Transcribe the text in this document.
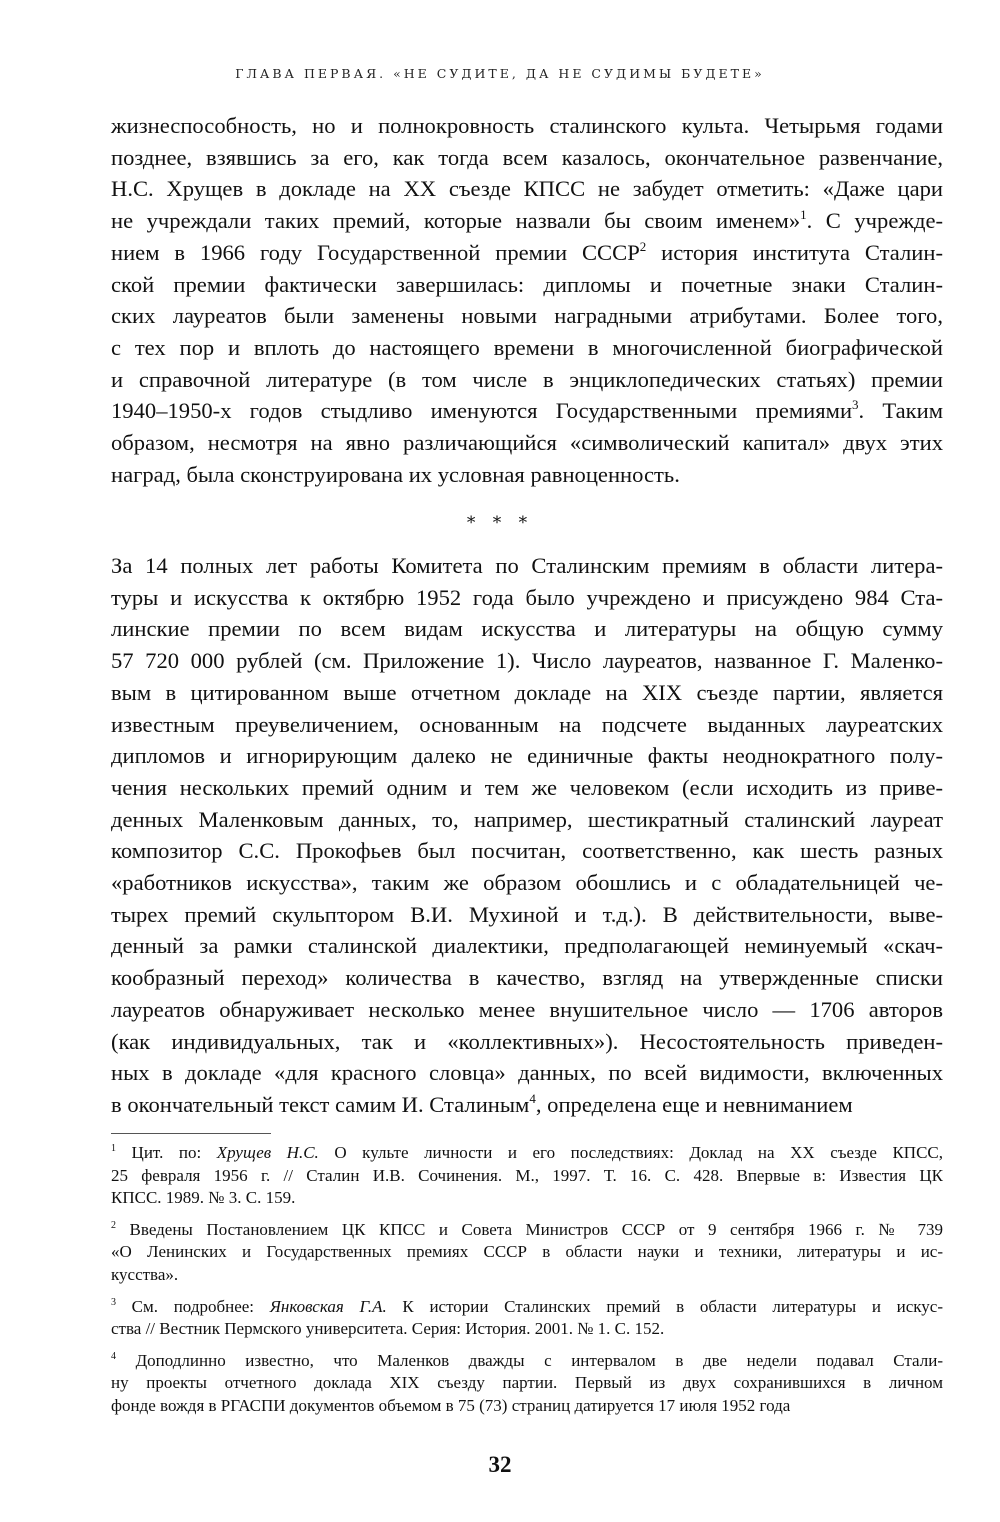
ГЛАВА ПЕРВАЯ. «НЕ СУДИТЕ, ДА НЕ СУДИМЫ БУДЕТЕ»

жизнеспособность, но и полнокровность сталинского культа. Четырьмя годами
позднее, взявшись за его, как тогда всем казалось, окончательное развенчание,
Н.С. Хрущев в докладе на XX съезде КПСС не забудет отметить: «Даже цари
не учреждали таких премий, которые назвали бы своим именем»$^1$. С учрежде-
нием в 1966 году Государственной премии СССР$^2$ история института Сталин-
ской премии фактически завершилась: дипломы и почетные знаки Сталин-
ских лауреатов были заменены новыми наградными атрибутами. Более того,
с тех пор и вплоть до настоящего времени в многочисленной биографической
и справочной литературе (в том числе в энциклопедических статьях) премии
1940–1950-х годов стыдливо именуются Государственными премиями$^3$. Таким
образом, несмотря на явно различающийся «символический капитал» двух этих
наград, была сконструирована их условная равноценность.

* * *

За 14 полных лет работы Комитета по Сталинским премиям в области литера-
туры и искусства к октябрю 1952 года было учреждено и присуждено 984 Ста-
линские премии по всем видам искусства и литературы на общую сумму
57 720 000 рублей (см. Приложение 1). Число лауреатов, названное Г. Маленко-
вым в цитированном выше отчетном докладе на XIX съезде партии, является
известным преувеличением, основанным на подсчете выданных лауреатских
дипломов и игнорирующим далеко не единичные факты неоднократного полу-
чения нескольких премий одним и тем же человеком (если исходить из приве-
денных Маленковым данных, то, например, шестикратный сталинский лауреат
композитор С.С. Прокофьев был посчитан, соответственно, как шесть разных
«работников искусства», таким же образом обошлись и с обладательницей че-
тырех премий скульптором В.И. Мухиной и т.д.). В действительности, выве-
денный за рамки сталинской диалектики, предполагающей неминуемый «скач-
кообразный переход» количества в качество, взгляд на утвержденные списки
лауреатов обнаруживает несколько менее внушительное число — 1706 авторов
(как индивидуальных, так и «коллективных»). Несостоятельность приведен-
ных в докладе «для красного словца» данных, по всей видимости, включенных
в окончательный текст самим И. Сталиным$^4$, определена еще и невниманием

$^1$ Цит. по: Хрущев Н.С. О культе личности и его последствиях: Доклад на XX съезде КПСС,
25 февраля 1956 г. // Сталин И.В. Сочинения. М., 1997. Т. 16. С. 428. Впервые в: Известия ЦК
КПСС. 1989. № 3. С. 159.
$^2$ Введены Постановлением ЦК КПСС и Совета Министров СССР от 9 сентября 1966 г. № 739
«О Ленинских и Государственных премиях СССР в области науки и техники, литературы и ис-
кусства».
$^3$ См. подробнее: Янковская Г.А. К истории Сталинских премий в области литературы и искус-
ства // Вестник Пермского университета. Серия: История. 2001. № 1. С. 152.
$^4$ Доподлинно известно, что Маленков дважды с интервалом в две недели подавал Стали-
ну проекты отчетного доклада XIX съезду партии. Первый из двух сохранившихся в личном
фонде вождя в РГАСПИ документов объемом в 75 (73) страниц датируется 17 июля 1952 года
32
